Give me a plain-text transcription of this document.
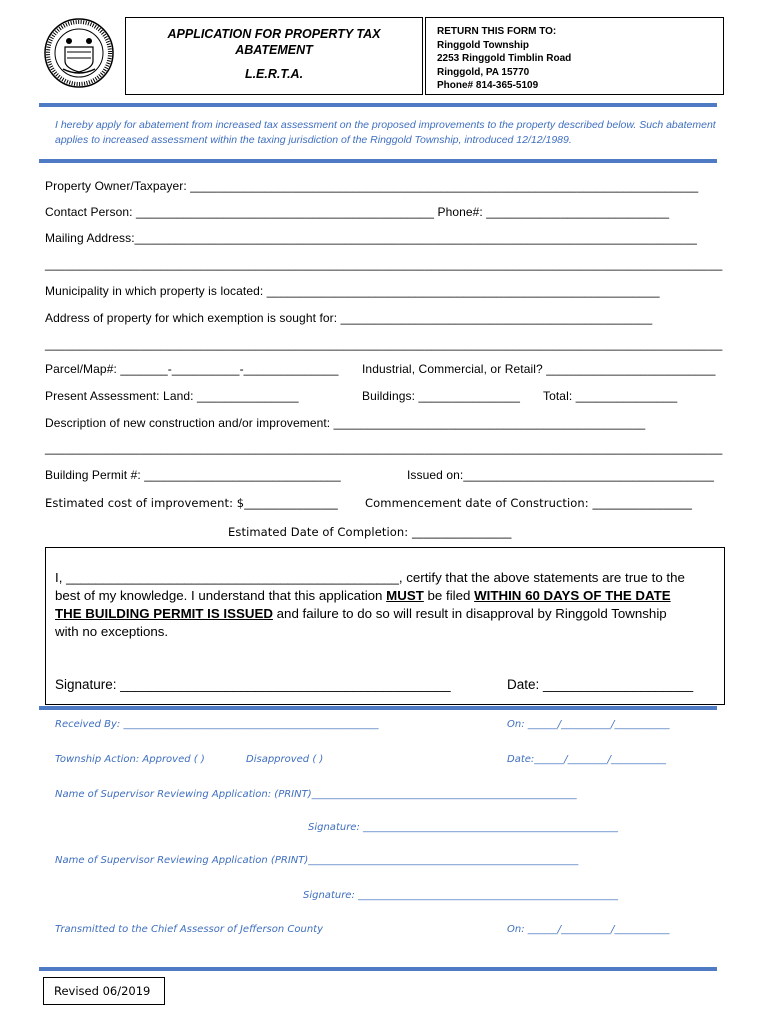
APPLICATION FOR PROPERTY TAX
ABATEMENT
L.E.R.T.A.
RETURN THIS FORM TO:
Ringgold Township
2253 Ringgold Timblin Road
Ringgold, PA 15770
Phone# 814-365-5109
I hereby apply for abatement from increased tax assessment on the proposed improvements to the property described below. Such abatement applies to increased assessment within the taxing jurisdiction of the Ringgold Township, introduced 12/12/1989.
Property Owner/Taxpayer: ___________________________________________________________________________
Contact Person: ____________________________________________ Phone#: ___________________________
Mailing Address:___________________________________________________________________________________
____________________________________________________________________________________________________
Municipality in which property is located: __________________________________________________________
Address of property for which exemption is sought for: ______________________________________________
____________________________________________________________________________________________________
Parcel/Map#: _______-__________-______________ Industrial, Commercial, or Retail? _________________________
Present Assessment: Land: _______________	Buildings: _______________ Total: _______________
Description of new construction and/or improvement: ______________________________________________
____________________________________________________________________________________________________
Building Permit #: _____________________________	Issued on:_____________________________________
Estimated cost of improvement: $________________ Commencement date of Construction: _________________
Estimated Date of Completion: _________________
I, _____________________________________________, certify that the above statements are true to the
best of my knowledge. I understand that this application MUST be filed WITHIN 60 DAYS OF THE DATE
THE BUILDING PERMIT IS ISSUED and failure to do so will result in disapproval by Ringgold Township
with no exceptions.
Signature: ____________________________________________	Date: ____________________
Received By: ___________________________________________________	On: ______/__________/___________
Township Action: Approved ( )	Disapproved ( )	Date:______/________/___________
Name of Supervisor Reviewing Application: (PRINT)_____________________________________________________
Signature: ___________________________________________________
Name of Supervisor Reviewing Application (PRINT)______________________________________________________
Signature: ____________________________________________________
Transmitted to the Chief Assessor of Jefferson County	On: ______/__________/___________
Revised 06/2019
